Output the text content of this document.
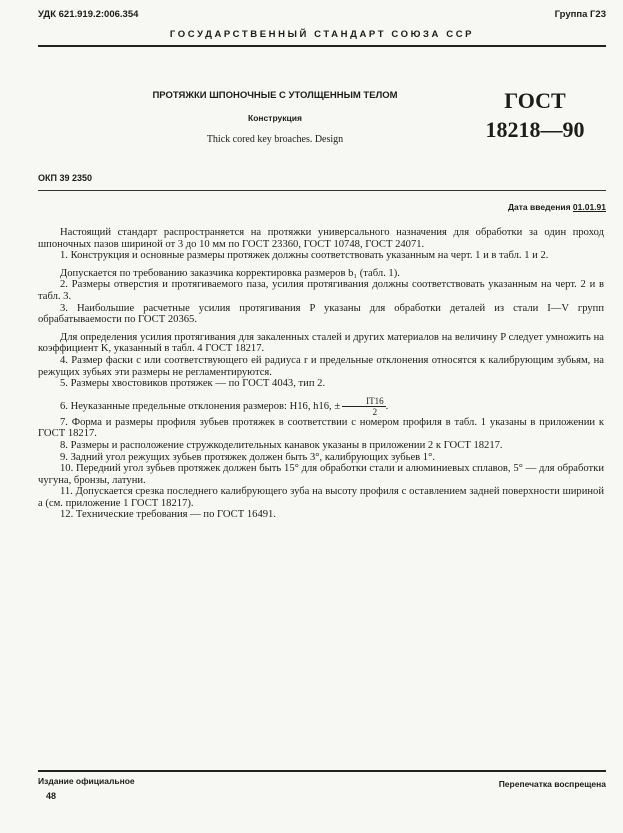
УДК 621.919.2:006.354	Группа Г23
ГОСУДАРСТВЕННЫЙ СТАНДАРТ СОЮЗА ССР
ПРОТЯЖКИ ШПОНОЧНЫЕ С УТОЛЩЕННЫМ ТЕЛОМ
Конструкция
Thick cored key broaches. Design
ГОСТ
18218—90
ОКП 39 2350
Дата введения 01.01.91

Настоящий стандарт распространяется на протяжки универсального назначения для обработки за один проход шпоночных пазов шириной от 3 до 10 мм по ГОСТ 23360, ГОСТ 10748, ГОСТ 24071.

1. Конструкция и основные размеры протяжек должны соответствовать указанным на черт. 1 и в табл. 1 и 2.

Допускается по требованию заказчика корректировка размеров b₁ (табл. 1).

2. Размеры отверстия и протягиваемого паза, усилия протягивания должны соответствовать указанным на черт. 2 и в табл. 3.

3. Наибольшие расчетные усилия протягивания P указаны для обработки деталей из стали I—V групп обрабатываемости по ГОСТ 20365.

Для определения усилия протягивания для закаленных сталей и других материалов на величину P следует умножить на коэффициент K, указанный в табл. 4 ГОСТ 18217.

4. Размер фаски с или соответствующего ей радиуса r и предельные отклонения относятся к калибрующим зубьям, на режущих зубьях эти размеры не регламентируются.

5. Размеры хвостовиков протяжек — по ГОСТ 4043, тип 2.

6. Неуказанные предельные отклонения размеров: H16, h16, ± $\frac{IT16}{2}$ .

7. Форма и размеры профиля зубьев протяжек в соответствии с номером профиля в табл. 1 указаны в приложении к ГОСТ 18217.

8. Размеры и расположение стружкоделительных канавок указаны в приложении 2 к ГОСТ 18217.

9. Задний угол режущих зубьев протяжек должен быть 3°, калибрующих зубьев 1°.

10. Передний угол зубьев протяжек должен быть 15° для обработки стали и алюминиевых сплавов, 5° — для обработки чугуна, бронзы, латуни.

11. Допускается срезка последнего калибрующего зуба на высоту профиля с оставлением задней поверхности шириной a (см. приложение 1 ГОСТ 18217).

12. Технические требования — по ГОСТ 16491.

Издание официальное
48
Перепечатка воспрещена
